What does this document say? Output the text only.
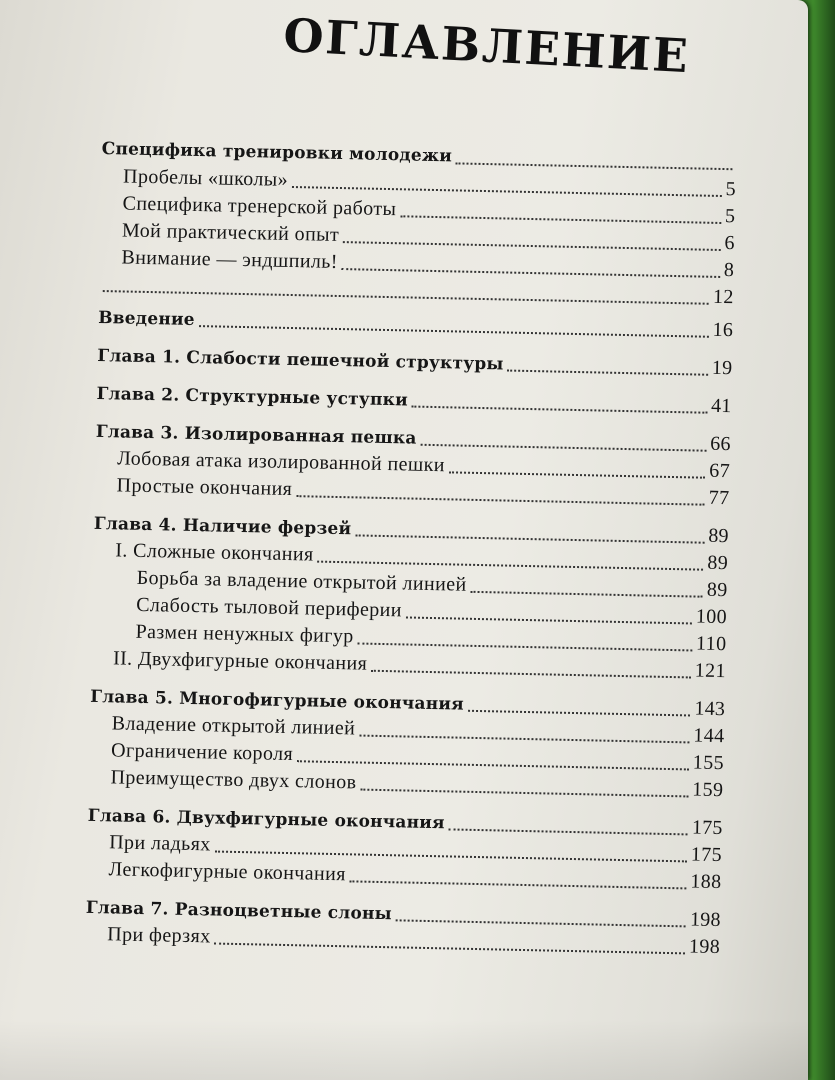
ОГЛАВЛЕНИЕ
Специфика тренировки молодежи
Пробелы «школы»	5
Специфика тренерской работы	5
Мой практический опыт	6
Внимание — эндшпиль!	8
12
Введение	16
Глава 1. Слабости пешечной структуры	19
Глава 2. Структурные уступки	41
Глава 3. Изолированная пешка	66
Лобовая атака изолированной пешки	67
Простые окончания	77
Глава 4. Наличие ферзей	89
I. Сложные окончания	89
Борьба за владение открытой линией	89
Слабость тыловой периферии	100
Размен ненужных фигур	110
II. Двухфигурные окончания	121
Глава 5. Многофигурные окончания	143
Владение открытой линией	144
Ограничение короля	155
Преимущество двух слонов	159
Глава 6. Двухфигурные окончания	175
При ладьях	175
Легкофигурные окончания	188
Глава 7. Разноцветные слоны	198
При ферзях	198
